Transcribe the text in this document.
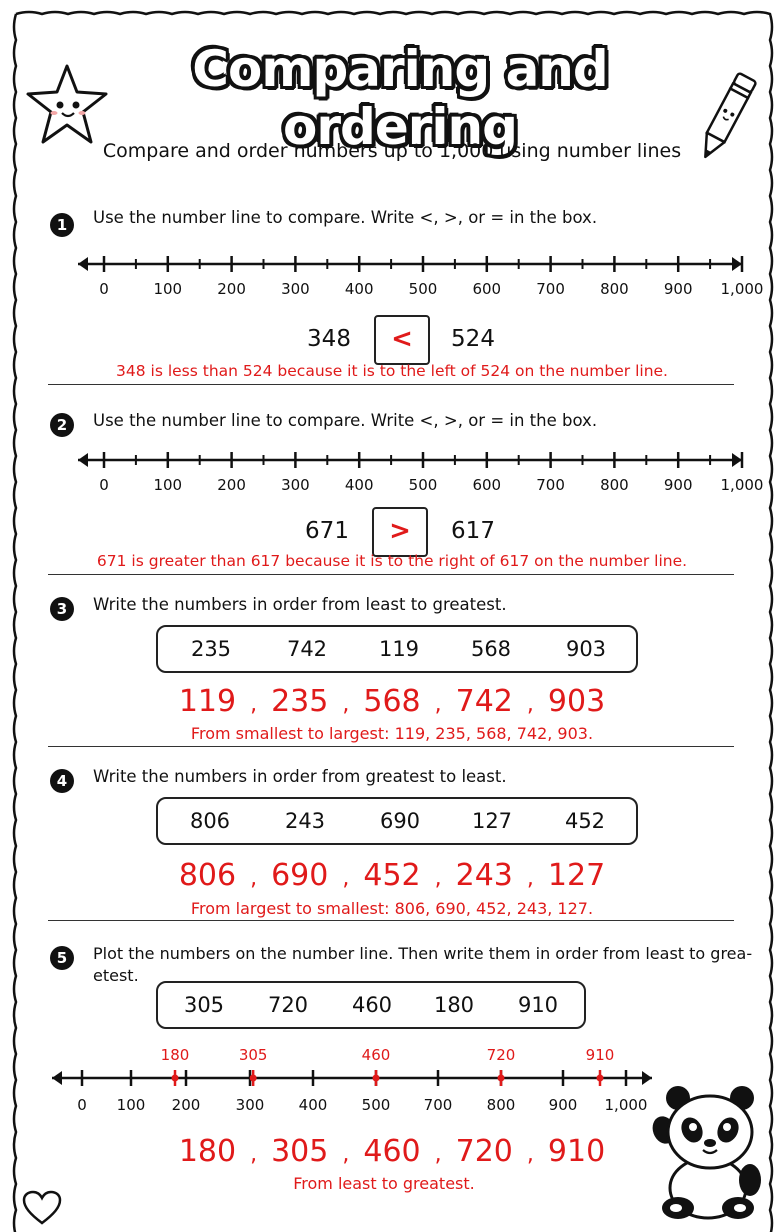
Comparing and ordering
Compare and order numbers up to 1,000 using number lines
1	Use the number line to compare. Write <, >, or = in the box.
0	100 200 300 400 500 600 700 800 900 1,000
348	<	524
348 is less than 524 because it is to the left of 524 on the number line.
2	Use the number line to compare. Write <, >, or = in the box.
0	100 200 300 400 500 600 700 800 900 1,000
671	>	617
671 is greater than 617 because it is to the right of 617 on the number line.
3	Write the numbers in order from least to greatest.
235	742	119	568	903
119 , 235 , 568 , 742 , 903
From smallest to largest: 119, 235, 568, 742, 903.
4	Write the numbers in order from greatest to least.
806	243	690	127	452
806 , 690 , 452 , 243 , 127
From largest to smallest: 806, 690, 452, 243, 127.
5	Plot the numbers on the number line. Then write them in order from least to grea-
etest.
305	720	460	180	910
0 100 200 300 400 500 700 800 900 1,000
180	305	460	720	910
180 , 305 , 460 , 720 , 910
From least to greatest.
